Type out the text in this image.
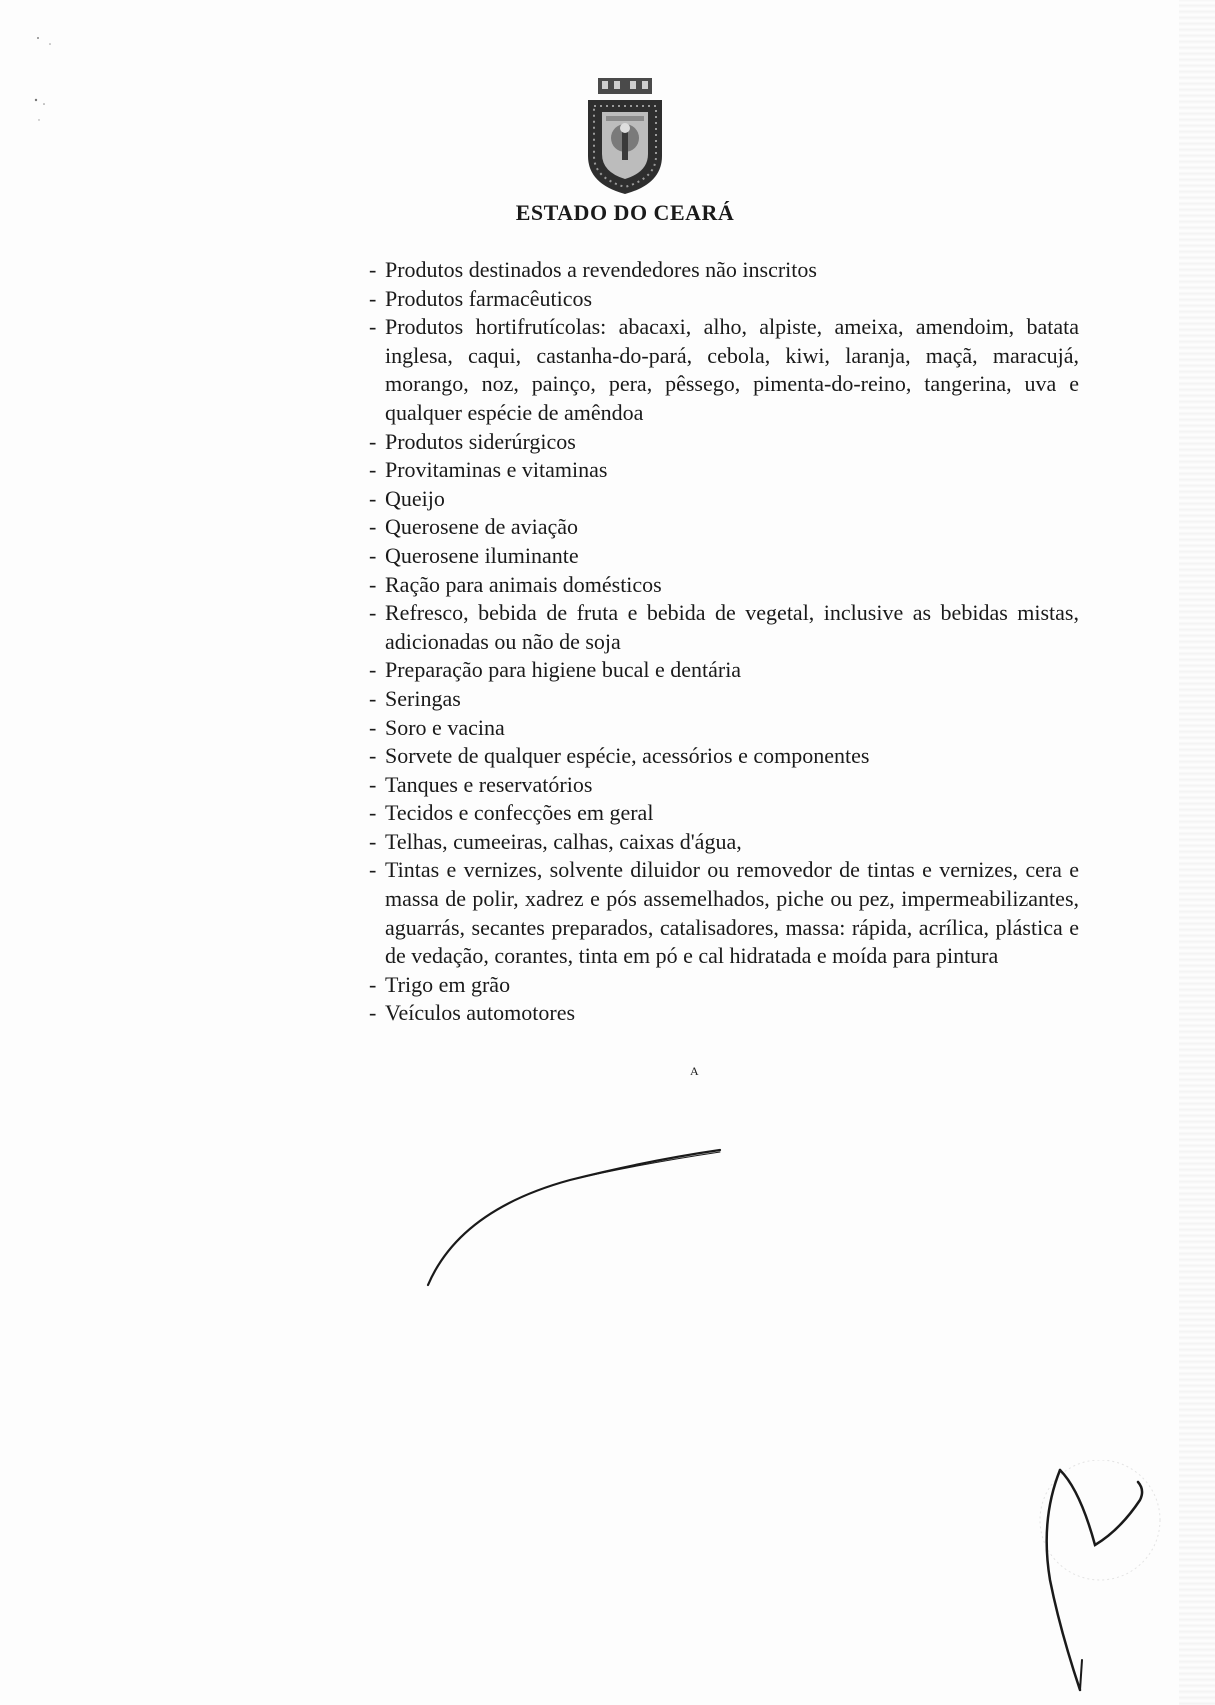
ESTADO DO CEARÁ
- Produtos destinados a revendedores não inscritos
- Produtos farmacêuticos
- Produtos hortifrutícolas: abacaxi, alho, alpiste, ameixa, amendoim, batata inglesa, caqui, castanha-do-pará, cebola, kiwi, laranja, maçã, maracujá, morango, noz, painço, pera, pêssego, pimenta-do-reino, tangerina, uva e qualquer espécie de amêndoa
- Produtos siderúrgicos
- Provitaminas e vitaminas
- Queijo
- Querosene de aviação
- Querosene iluminante
- Ração para animais domésticos
- Refresco, bebida de fruta e bebida de vegetal, inclusive as bebidas mistas, adicionadas ou não de soja
- Preparação para higiene bucal e dentária
- Seringas
- Soro e vacina
- Sorvete de qualquer espécie, acessórios e componentes
- Tanques e reservatórios
- Tecidos e confecções em geral
- Telhas, cumeeiras, calhas, caixas d'água,
- Tintas e vernizes, solvente diluidor ou removedor de tintas e vernizes, cera e massa de polir, xadrez e pós assemelhados, piche ou pez, impermeabilizantes, aguarrás, secantes preparados, catalisadores, massa: rápida, acrílica, plástica e de vedação, corantes, tinta em pó e cal hidratada e moída para pintura
- Trigo em grão
- Veículos automotores
A
